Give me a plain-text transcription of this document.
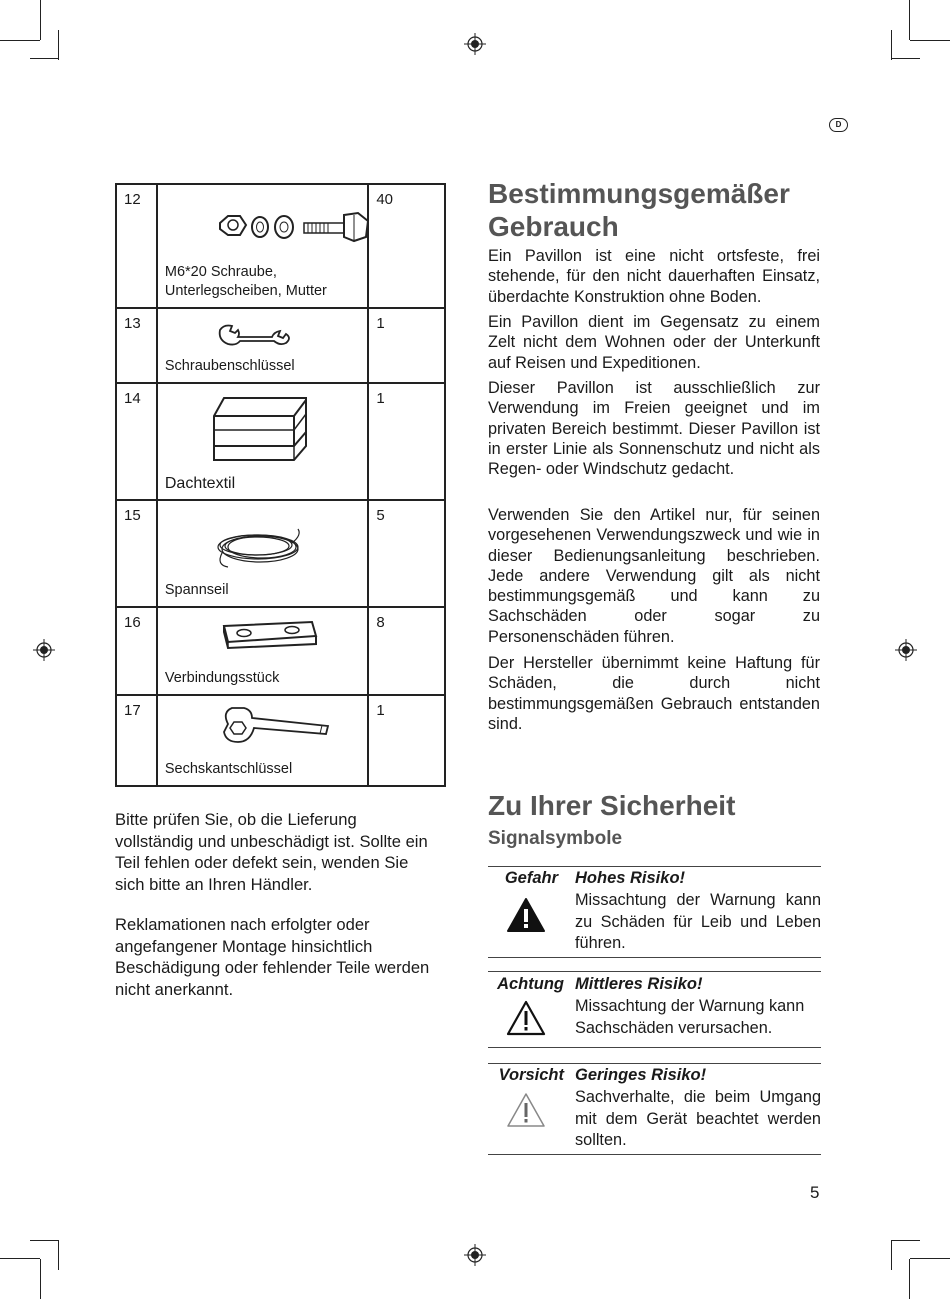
D
12	M6*20 Schraube,
Unterlegscheiben, Mutter	40
13	Schraubenschlüssel	1
14	Dachtextil	1
15	Spannseil	5
16	Verbindungsstück	8
17	Sechskantschlüssel	1
Bitte prüfen Sie, ob die Lieferung vollständig und unbeschädigt ist. Sollte ein Teil fehlen oder defekt sein, wenden Sie sich bitte an Ihren Händler.
Reklamationen nach erfolgter oder angefangener Montage hinsichtlich Beschädigung oder fehlender Teile werden nicht anerkannt.
Bestimmungsgemäßer Gebrauch
Ein Pavillon ist eine nicht ortsfeste, frei stehende, für den nicht dauerhaften Einsatz, überdachte Konstruktion ohne Boden.
Ein Pavillon dient im Gegensatz zu einem Zelt nicht dem Wohnen oder der Unterkunft auf Reisen und Expeditionen.
Dieser Pavillon ist ausschließlich zur Verwendung im Freien geeignet und im privaten Bereich bestimmt. Dieser Pavillon ist in erster Linie als Sonnenschutz und nicht als Regen- oder Windschutz gedacht.
Verwenden Sie den Artikel nur, für seinen vorgesehenen Verwendungszweck und wie in dieser Bedienungsanleitung beschrieben. Jede andere Verwendung gilt als nicht bestimmungsgemäß und kann zu Sachschäden oder sogar zu Personenschäden führen.
Der Hersteller übernimmt keine Haftung für Schäden, die durch nicht bestimmungsgemäßen Gebrauch entstanden sind.
Zu Ihrer Sicherheit
Signalsymbole
Gefahr Hohes Risiko!
Missachtung der Warnung kann zu Schäden für Leib und Leben führen.
Achtung Mittleres Risiko!
Missachtung der Warnung kann Sachschäden verursachen.
Vorsicht Geringes Risiko!
Sachverhalte, die beim Umgang mit dem Gerät beachtet werden sollten.
5
